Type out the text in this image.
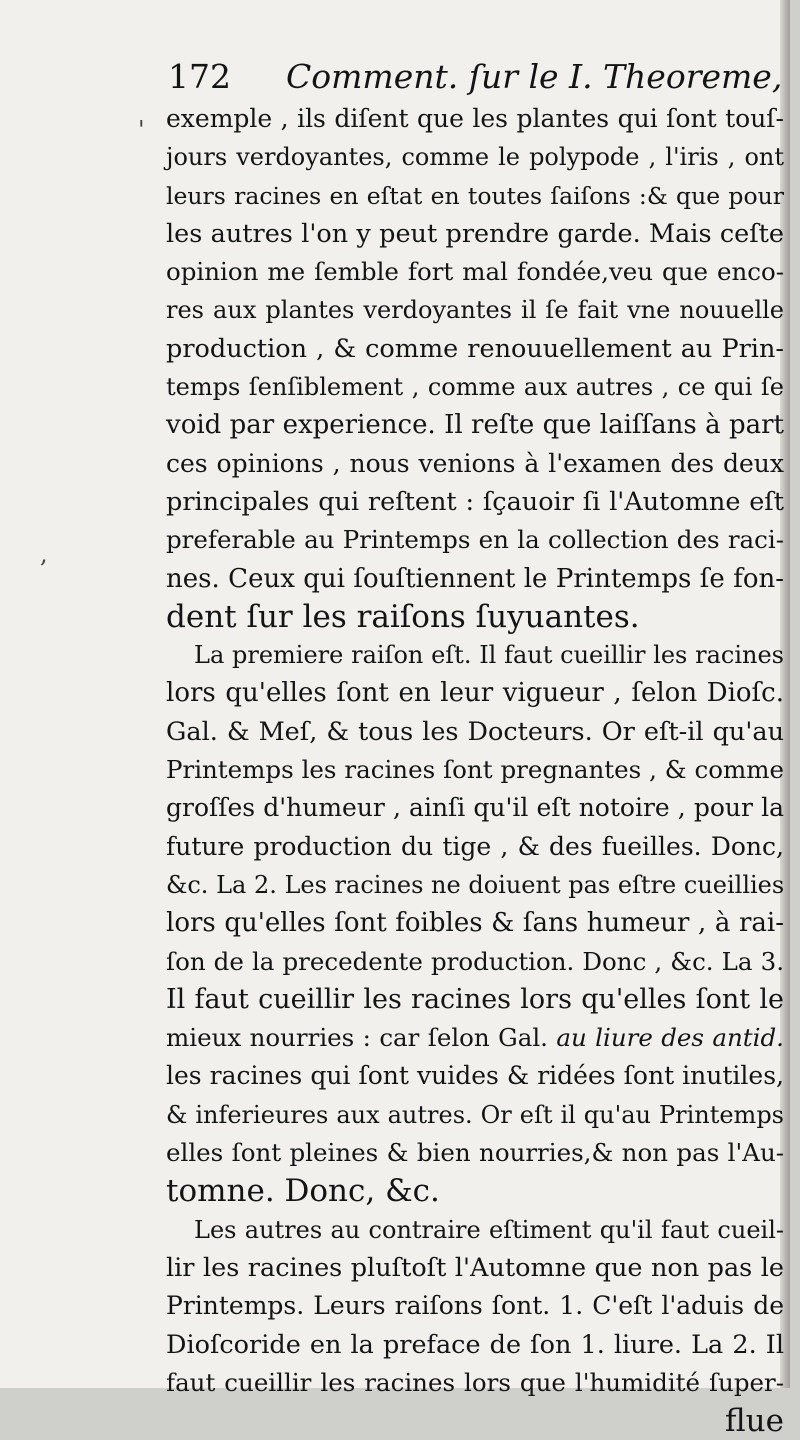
172 Comment. ſur le I. Theoreme,
'
,
exemple , ils diſent que les plantes qui ſont touſ-
jours verdoyantes, comme le polypode , l'iris , ont
leurs racines en eſtat en toutes ſaiſons :& que pour
les autres l'on y peut prendre garde. Mais ceſte
opinion me ſemble fort mal fondée,veu que enco-
res aux plantes verdoyantes il ſe fait vne nouuelle
production , & comme renouuellement au Prin-
temps ſenſiblement , comme aux autres , ce qui ſe
void par experience. Il reſte que laiſſans à part
ces opinions , nous venions à l'examen des deux
principales qui reſtent : ſçauoir ſi l'Automne eſt
preferable au Printemps en la collection des raci-
nes. Ceux qui ſouſtiennent le Printemps ſe fon-
dent ſur les raiſons ſuyuantes.
La premiere raiſon eſt. Il faut cueillir les racines
lors qu'elles ſont en leur vigueur , ſelon Dioſc.
Gal. & Meſ, & tous les Docteurs. Or eſt-il qu'au
Printemps les racines ſont pregnantes , & comme
groſſes d'humeur , ainſi qu'il eſt notoire , pour la
future production du tige , & des fueilles. Donc,
&c. La 2. Les racines ne doiuent pas eſtre cueillies
lors qu'elles ſont foibles & ſans humeur , à rai-
ſon de la precedente production. Donc , &c. La 3.
Il faut cueillir les racines lors qu'elles ſont le
mieux nourries : car ſelon Gal. au liure des antid.
les racines qui ſont vuides & ridées ſont inutiles,
& inferieures aux autres. Or eſt il qu'au Printemps
elles ſont pleines & bien nourries,& non pas l'Au-
tomne. Donc, &c.
Les autres au contraire eſtiment qu'il faut cueil-
lir les racines pluſtoſt l'Automne que non pas le
Printemps. Leurs raiſons ſont. 1. C'eſt l'aduis de
Dioſcoride en la preface de ſon 1. liure. La 2. Il
faut cueillir les racines lors que l'humidité ſuper-
flue
